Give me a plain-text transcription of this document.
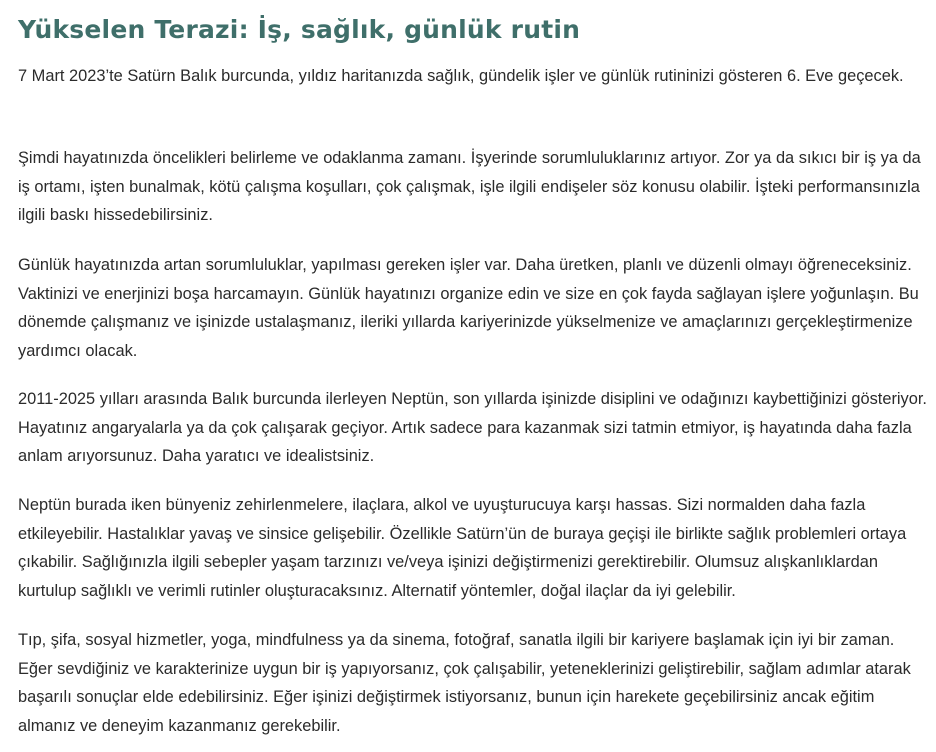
Yükselen Terazi: İş, sağlık, günlük rutin

7 Mart 2023’te Satürn Balık burcunda, yıldız haritanızda sağlık, gündelik işler ve günlük rutininizi gösteren 6. Eve geçecek.

Şimdi hayatınızda öncelikleri belirleme ve odaklanma zamanı. İşyerinde sorumluluklarınız artıyor. Zor ya da sıkıcı bir iş ya da iş ortamı, işten bunalmak, kötü çalışma koşulları, çok çalışmak, işle ilgili endişeler söz konusu olabilir. İşteki performansınızla ilgili baskı hissedebilirsiniz.

Günlük hayatınızda artan sorumluluklar, yapılması gereken işler var. Daha üretken, planlı ve düzenli olmayı öğreneceksiniz. Vaktinizi ve enerjinizi boşa harcamayın. Günlük hayatınızı organize edin ve size en çok fayda sağlayan işlere yoğunlaşın. Bu dönemde çalışmanız ve işinizde ustalaşmanız, ileriki yıllarda kariyerinizde yükselmenize ve amaçlarınızı gerçekleştirmenize yardımcı olacak.

2011-2025 yılları arasında Balık burcunda ilerleyen Neptün, son yıllarda işinizde disiplini ve odağınızı kaybettiğinizi gösteriyor. Hayatınız angaryalarla ya da çok çalışarak geçiyor. Artık sadece para kazanmak sizi tatmin etmiyor, iş hayatında daha fazla anlam arıyorsunuz. Daha yaratıcı ve idealistsiniz.

Neptün burada iken bünyeniz zehirlenmelere, ilaçlara, alkol ve uyuşturucuya karşı hassas. Sizi normalden daha fazla etkileyebilir. Hastalıklar yavaş ve sinsice gelişebilir. Özellikle Satürn’ün de buraya geçişi ile birlikte sağlık problemleri ortaya çıkabilir. Sağlığınızla ilgili sebepler yaşam tarzınızı ve/veya işinizi değiştirmenizi gerektirebilir. Olumsuz alışkanlıklardan kurtulup sağlıklı ve verimli rutinler oluşturacaksınız. Alternatif yöntemler, doğal ilaçlar da iyi gelebilir.

Tıp, şifa, sosyal hizmetler, yoga, mindfulness ya da sinema, fotoğraf, sanatla ilgili bir kariyere başlamak için iyi bir zaman. Eğer sevdiğiniz ve karakterinize uygun bir iş yapıyorsanız, çok çalışabilir, yeteneklerinizi geliştirebilir, sağlam adımlar atarak başarılı sonuçlar elde edebilirsiniz. Eğer işinizi değiştirmek istiyorsanız, bunun için harekete geçebilirsiniz ancak eğitim almanız ve deneyim kazanmanız gerekebilir.
